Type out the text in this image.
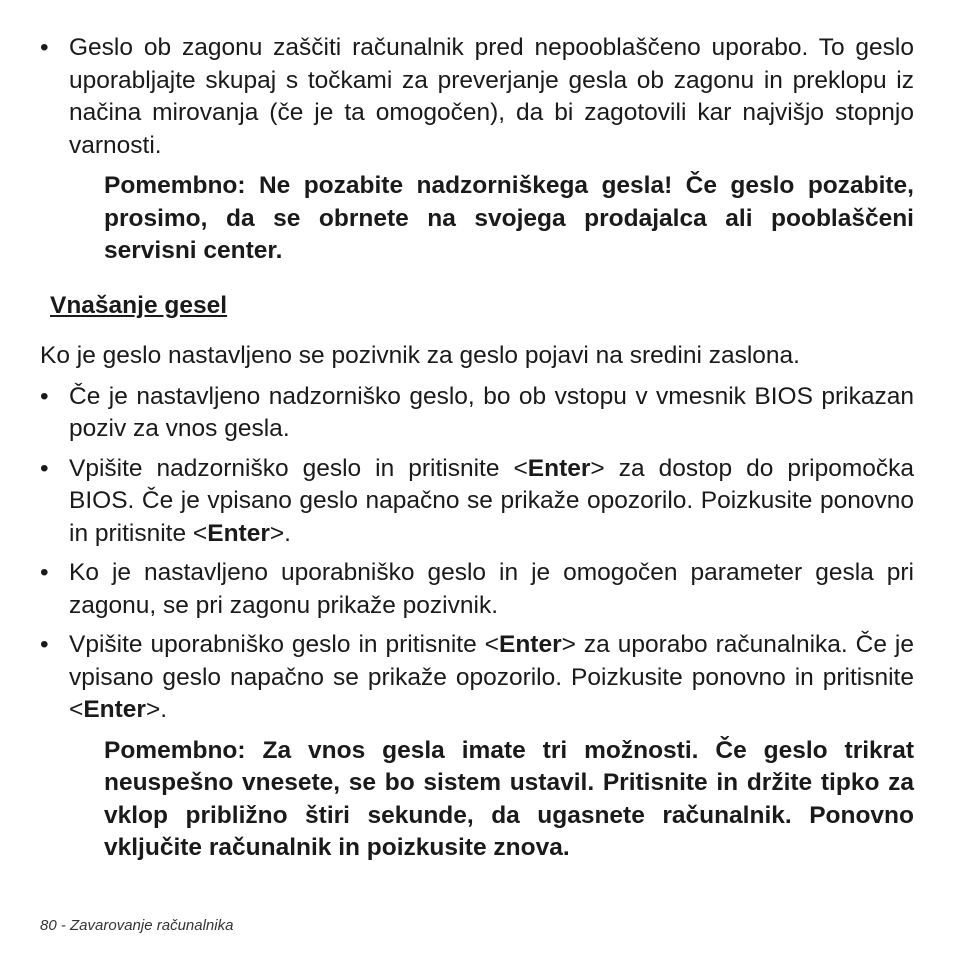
• Geslo ob zagonu zaščiti računalnik pred nepooblaščeno uporabo. To geslo uporabljajte skupaj s točkami za preverjanje gesla ob zagonu in preklopu iz načina mirovanja (če je ta omogočen), da bi zagotovili kar najvišjo stopnjo varnosti.
Pomembno: Ne pozabite nadzorniškega gesla! Če geslo pozabite, prosimo, da se obrnete na svojega prodajalca ali pooblaščeni servisni center.
Vnašanje gesel
Ko je geslo nastavljeno se pozivnik za geslo pojavi na sredini zaslona.
• Če je nastavljeno nadzorniško geslo, bo ob vstopu v vmesnik BIOS prikazan poziv za vnos gesla.
• Vpišite nadzorniško geslo in pritisnite <Enter> za dostop do pripomočka BIOS. Če je vpisano geslo napačno se prikaže opozorilo. Poizkusite ponovno in pritisnite <Enter>.
• Ko je nastavljeno uporabniško geslo in je omogočen parameter gesla pri zagonu, se pri zagonu prikaže pozivnik.
• Vpišite uporabniško geslo in pritisnite <Enter> za uporabo računalnika. Če je vpisano geslo napačno se prikaže opozorilo. Poizkusite ponovno in pritisnite <Enter>.
Pomembno: Za vnos gesla imate tri možnosti. Če geslo trikrat neuspešno vnesete, se bo sistem ustavil. Pritisnite in držite tipko za vklop približno štiri sekunde, da ugasnete računalnik. Ponovno vključite računalnik in poizkusite znova.
80 - Zavarovanje računalnika
